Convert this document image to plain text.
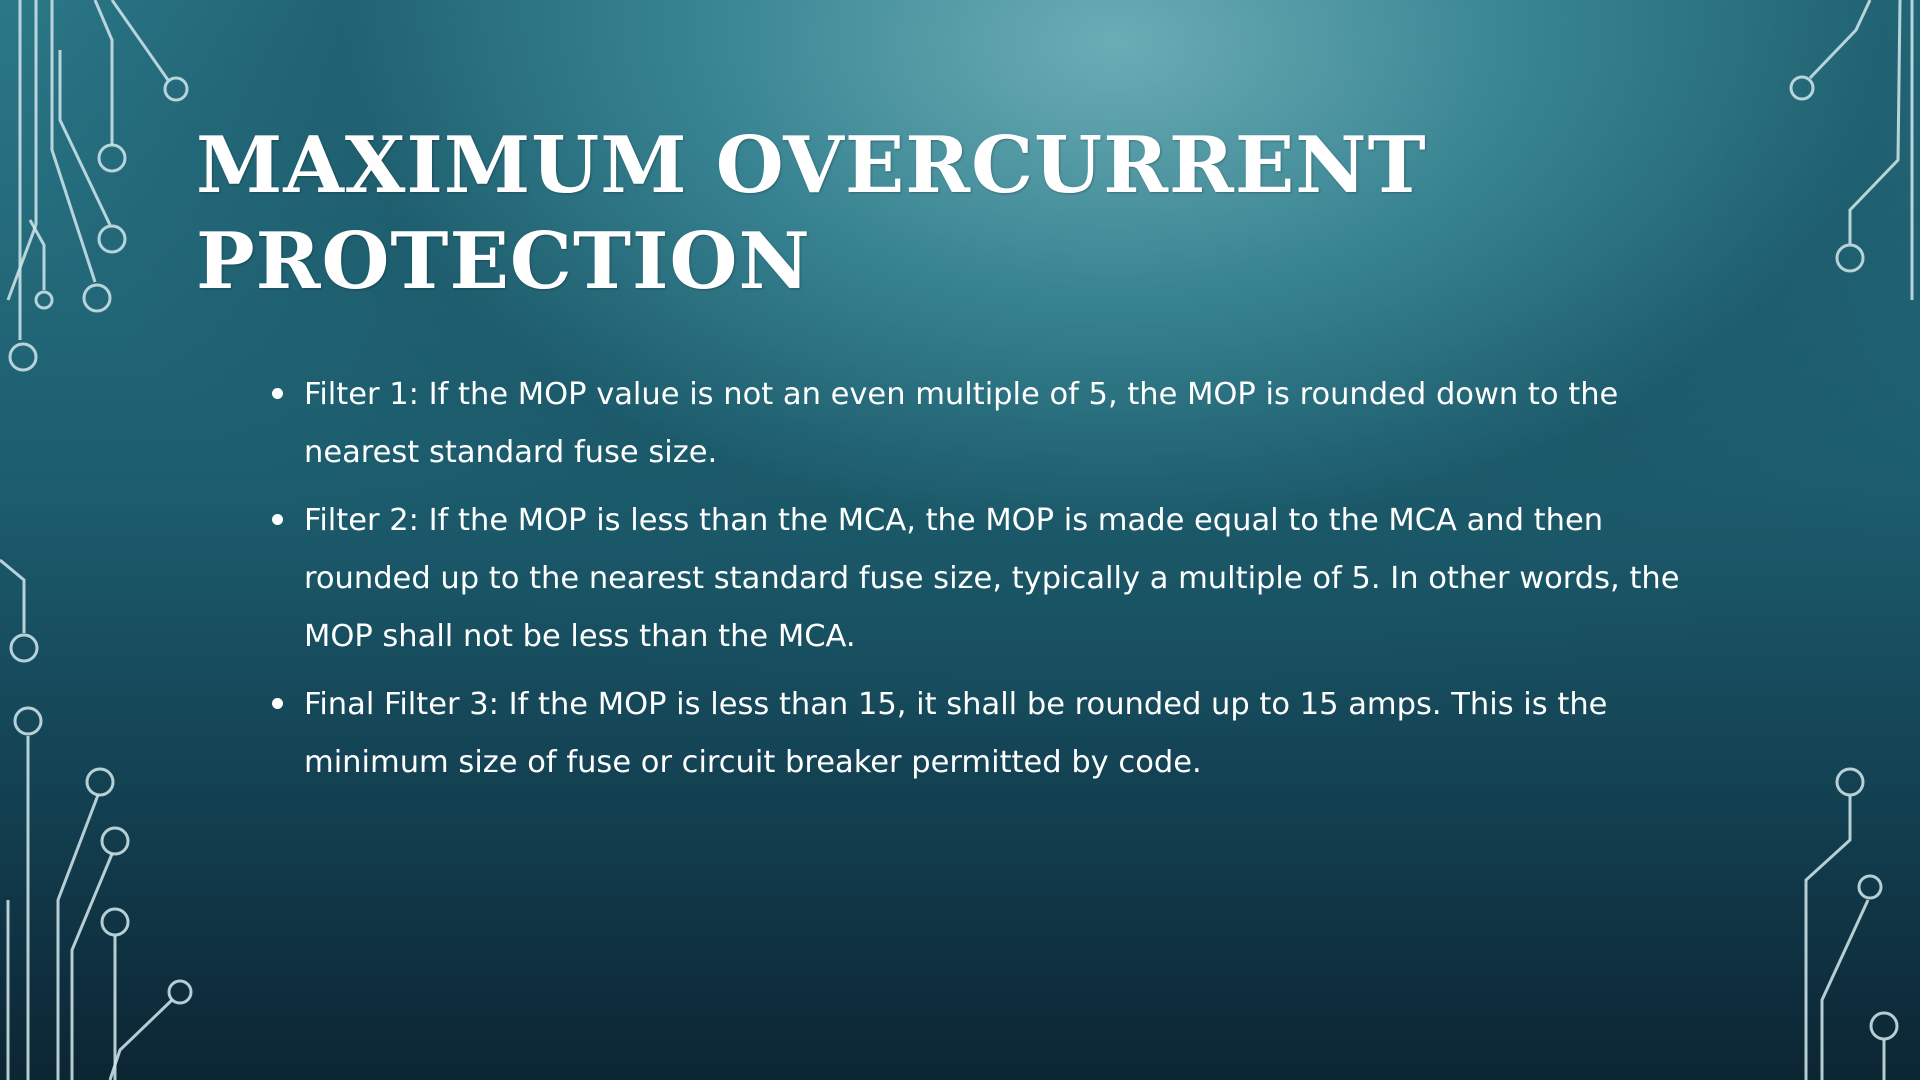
MAXIMUM OVERCURRENT
PROTECTION
Filter 1: If the MOP value is not an even multiple of 5, the MOP is rounded down to the nearest standard fuse size.
Filter 2: If the MOP is less than the MCA, the MOP is made equal to the MCA and then rounded up to the nearest standard fuse size, typically a multiple of 5. In other words, the MOP shall not be less than the MCA.
Final Filter 3: If the MOP is less than 15, it shall be rounded up to 15 amps. This is the minimum size of fuse or circuit breaker permitted by code.
